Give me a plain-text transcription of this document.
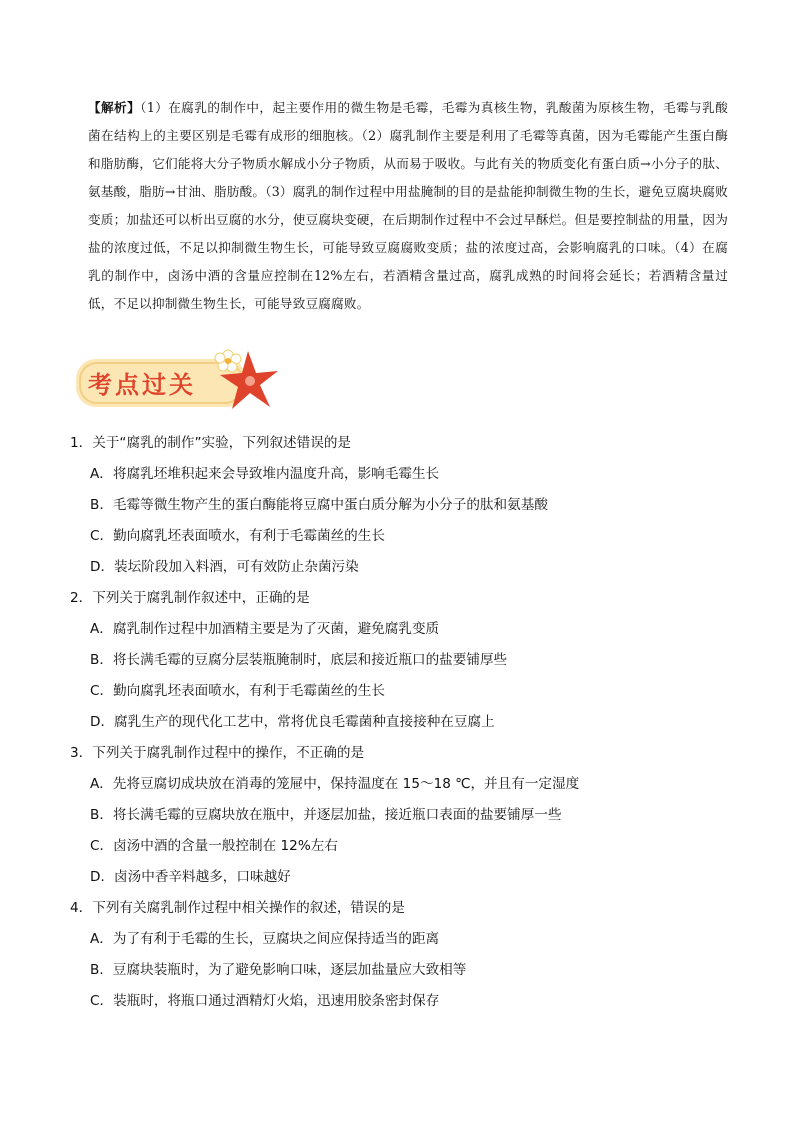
【解析】（1）在腐乳的制作中，起主要作用的微生物是毛霉，毛霉为真核生物，乳酸菌为原核生物，毛霉与乳酸菌在结构上的主要区别是毛霉有成形的细胞核。（2）腐乳制作主要是利用了毛霉等真菌，因为毛霉能产生蛋白酶和脂肪酶，它们能将大分子物质水解成小分子物质，从而易于吸收。与此有关的物质变化有蛋白质→小分子的肽、氨基酸，脂肪→甘油、脂肪酸。（3）腐乳的制作过程中用盐腌制的目的是盐能抑制微生物的生长，避免豆腐块腐败变质；加盐还可以析出豆腐的水分，使豆腐块变硬，在后期制作过程中不会过早酥烂。但是要控制盐的用量，因为盐的浓度过低，不足以抑制微生物生长，可能导致豆腐腐败变质；盐的浓度过高，会影响腐乳的口味。（4）在腐乳的制作中，卤汤中酒的含量应控制在12%左右，若酒精含量过高，腐乳成熟的时间将会延长；若酒精含量过低，不足以抑制微生物生长，可能导致豆腐腐败。
考点过关
1．关于“腐乳的制作”实验，下列叙述错误的是
A．将腐乳坯堆积起来会导致堆内温度升高，影响毛霉生长
B．毛霉等微生物产生的蛋白酶能将豆腐中蛋白质分解为小分子的肽和氨基酸
C．勤向腐乳坯表面喷水，有利于毛霉菌丝的生长
D．装坛阶段加入料酒，可有效防止杂菌污染
2．下列关于腐乳制作叙述中，正确的是
A．腐乳制作过程中加酒精主要是为了灭菌，避免腐乳变质
B．将长满毛霉的豆腐分层装瓶腌制时，底层和接近瓶口的盐要铺厚些
C．勤向腐乳坯表面喷水，有利于毛霉菌丝的生长
D．腐乳生产的现代化工艺中，常将优良毛霉菌种直接接种在豆腐上
3．下列关于腐乳制作过程中的操作，不正确的是
A．先将豆腐切成块放在消毒的笼屉中，保持温度在 15～18 ℃，并且有一定湿度
B．将长满毛霉的豆腐块放在瓶中，并逐层加盐，接近瓶口表面的盐要铺厚一些
C．卤汤中酒的含量一般控制在 12%左右
D．卤汤中香辛料越多，口味越好
4．下列有关腐乳制作过程中相关操作的叙述，错误的是
A．为了有利于毛霉的生长，豆腐块之间应保持适当的距离
B．豆腐块装瓶时，为了避免影响口味，逐层加盐量应大致相等
C．装瓶时，将瓶口通过酒精灯火焰，迅速用胶条密封保存
